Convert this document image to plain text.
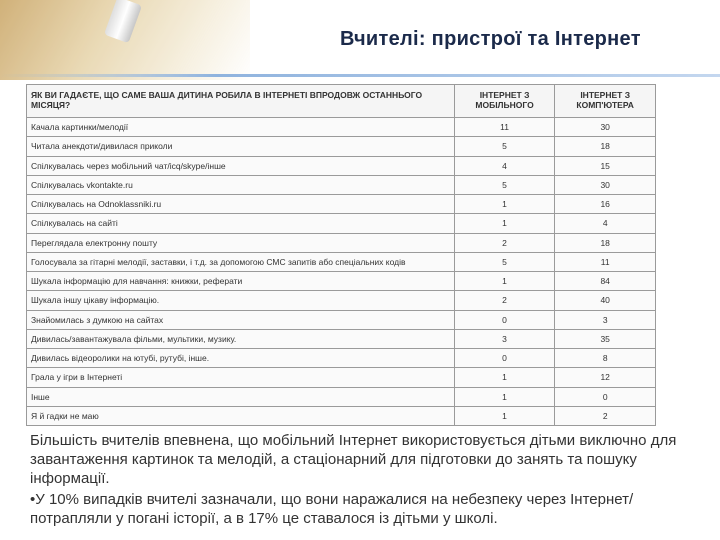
Вчителі: пристрої та Інтернет
ЯК ВИ ГАДАЄТЕ, ЩО САМЕ ВАША ДИТИНА РОБИЛА В ІНТЕРНЕТІ ВПРОДОВЖ ОСТАННЬОГО МІСЯЦЯ?	ІНТЕРНЕТ З МОБІЛЬНОГО	ІНТЕРНЕТ З КОМП'ЮТЕРА
Качала картинки/мелодії	11	30
Читала анекдоти/дивилася приколи	5	18
Спілкувалась через мобільний чат/icq/skype/інше	4	15
Спілкувалась vkontakte.ru	5	30
Спілкувалась на Odnoklassniki.ru	1	16
Спілкувалась на сайті	1	4
Переглядала електронну пошту	2	18
Голосувала за гітарні мелодії, заставки, і т.д. за допомогою СМС запитів або спеціальних кодів	5	11
Шукала інформацію для навчання: книжки, реферати	1	84
Шукала іншу цікаву інформацію.	2	40
Знайомилась з думкою на сайтах	0	3
Дивилась/завантажувала фільми, мультики, музику.	3	35
Дивилась відеоролики на ютубі, рутубі, інше.	0	8
Грала у ігри в Інтернеті	1	12
Інше	1	0
Я й гадки не маю	1	2

Більшість вчителів впевнена, що мобільний Інтернет використовується дітьми виключно для завантаження картинок та мелодій, а стаціонарний для підготовки до занять та пошуку інформації.

•У 10% випадків вчителі зазначали, що вони наражалися на небезпеку через Інтернет/потрапляли у погані історії, а в 17% це ставалося із дітьми у школі.
